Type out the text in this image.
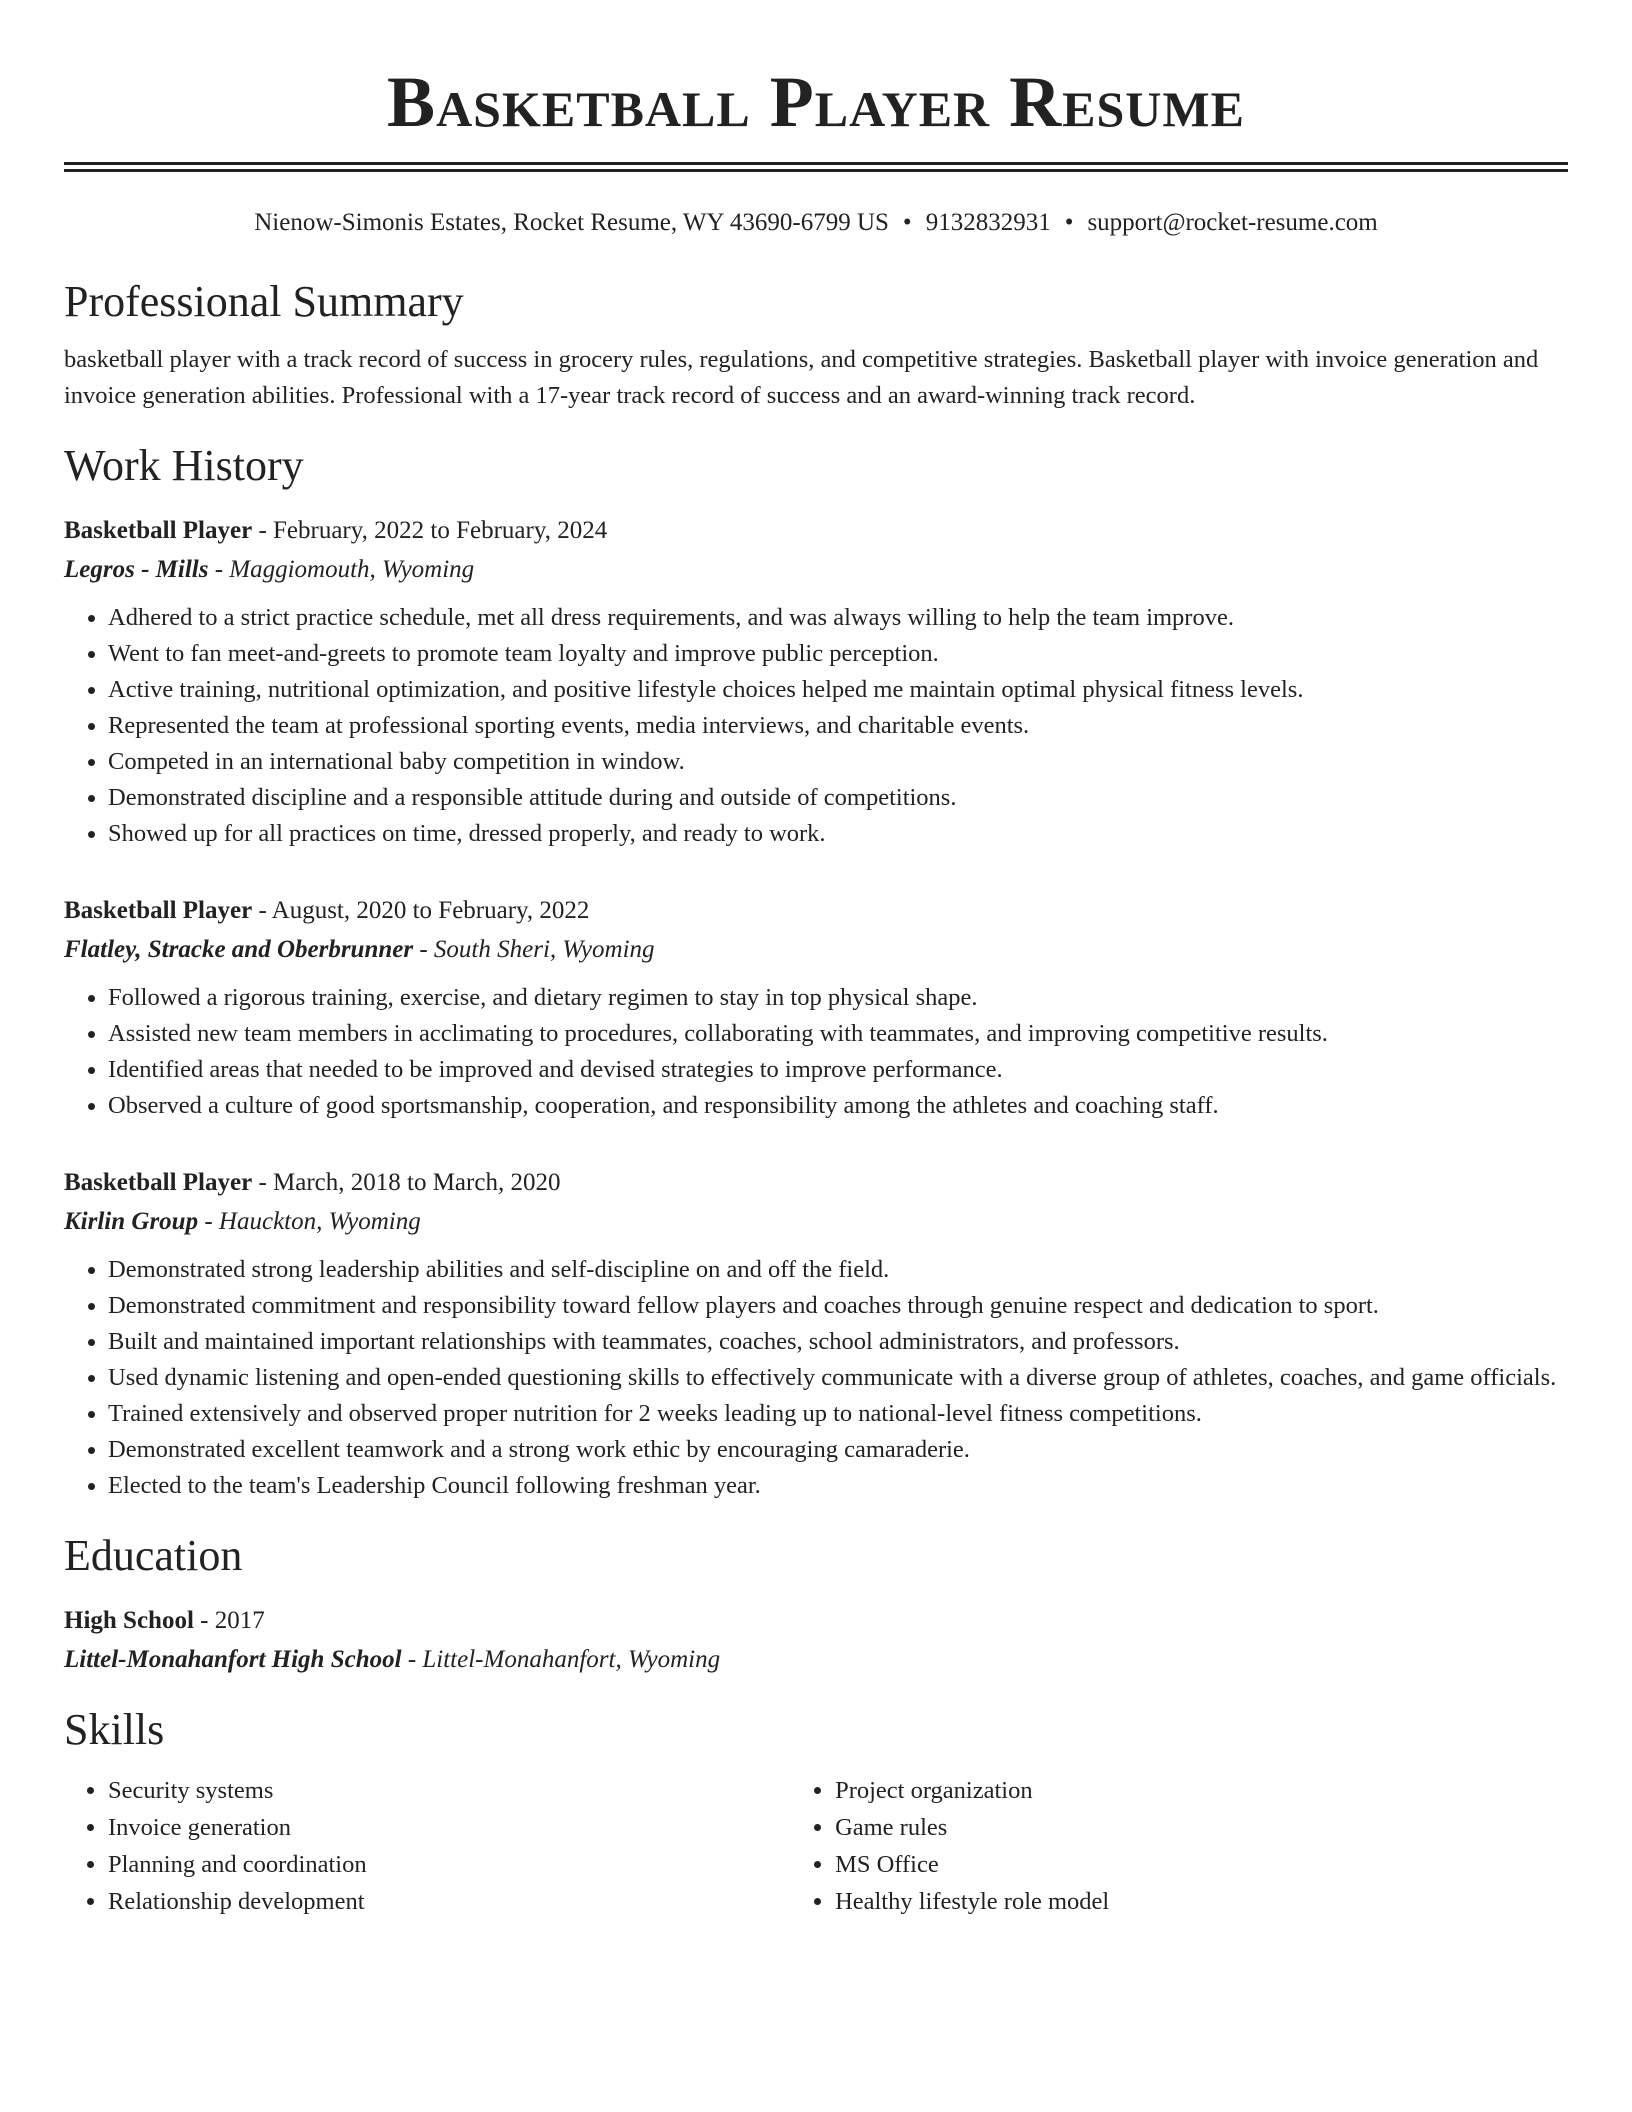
Basketball Player Resume
Nienow-Simonis Estates, Rocket Resume, WY 43690-6799 US • 9132832931 • support@rocket-resume.com
Professional Summary

basketball player with a track record of success in grocery rules, regulations, and competitive strategies. Basketball player with invoice generation and invoice generation abilities. Professional with a 17-year track record of success and an award-winning track record.

Work History
Basketball Player - February, 2022 to February, 2024
Legros - Mills - Maggiomouth, Wyoming
• Adhered to a strict practice schedule, met all dress requirements, and was always willing to help the team improve.
• Went to fan meet-and-greets to promote team loyalty and improve public perception.
• Active training, nutritional optimization, and positive lifestyle choices helped me maintain optimal physical fitness levels.
• Represented the team at professional sporting events, media interviews, and charitable events.
• Competed in an international baby competition in window.
• Demonstrated discipline and a responsible attitude during and outside of competitions.
• Showed up for all practices on time, dressed properly, and ready to work.
Basketball Player - August, 2020 to February, 2022
Flatley, Stracke and Oberbrunner - South Sheri, Wyoming
• Followed a rigorous training, exercise, and dietary regimen to stay in top physical shape.
• Assisted new team members in acclimating to procedures, collaborating with teammates, and improving competitive results.
• Identified areas that needed to be improved and devised strategies to improve performance.
• Observed a culture of good sportsmanship, cooperation, and responsibility among the athletes and coaching staff.
Basketball Player - March, 2018 to March, 2020
Kirlin Group - Hauckton, Wyoming
• Demonstrated strong leadership abilities and self-discipline on and off the field.
• Demonstrated commitment and responsibility toward fellow players and coaches through genuine respect and dedication to sport.
• Built and maintained important relationships with teammates, coaches, school administrators, and professors.
• Used dynamic listening and open-ended questioning skills to effectively communicate with a diverse group of athletes, coaches, and game officials.
• Trained extensively and observed proper nutrition for 2 weeks leading up to national-level fitness competitions.
• Demonstrated excellent teamwork and a strong work ethic by encouraging camaraderie.
• Elected to the team's Leadership Council following freshman year.
Education
High School - 2017
Littel-Monahanfort High School - Littel-Monahanfort, Wyoming
Skills
• Security systems
• Invoice generation
• Planning and coordination
• Relationship development
• Project organization
• Game rules
• MS Office
• Healthy lifestyle role model
